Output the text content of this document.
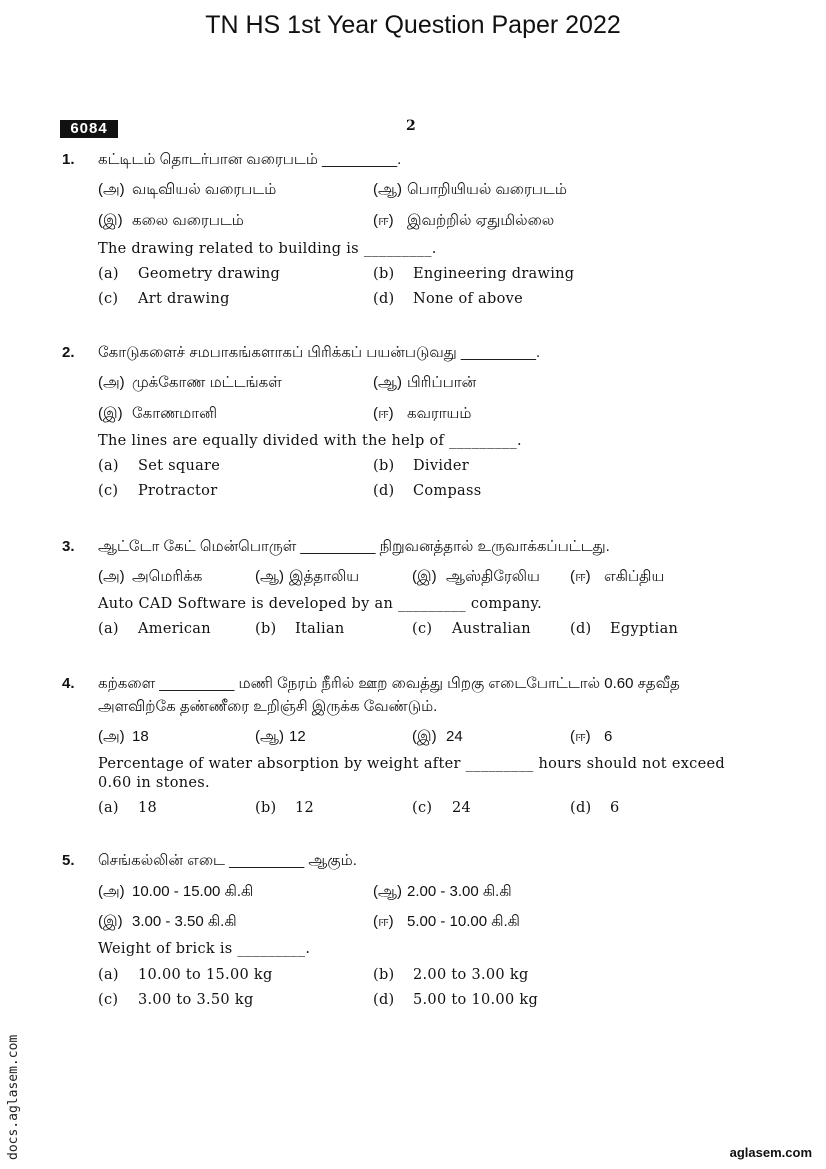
TN HS 1st Year Question Paper 2022
6084	2
1. கட்டிடம் தொடர்பான வரைபடம் _________.
The drawing related to building is _________.
(அ) வடிவியல் வரைபடம்	(ஆ) பொறியியல் வரைபடம்
(இ) கலை வரைபடம்	(ஈ) இவற்றில் ஏதுமில்லை
(a) Geometry drawing	(b) Engineering drawing
(c) Art drawing	(d) None of above
2. கோடுகளைச் சமபாகங்களாகப் பிரிக்கப் பயன்படுவது _________.
The lines are equally divided with the help of _________.
(அ) முக்கோண மட்டங்கள்	(ஆ) பிரிப்பான்
(இ) கோணமானி	(ஈ) கவராயம்
(a) Set square	(b) Divider
(c) Protractor	(d) Compass
3. ஆட்டோ கேட் மென்பொருள் _________ நிறுவனத்தால் உருவாக்கப்பட்டது.
Auto CAD Software is developed by an _________ company.
(அ) அமெரிக்க	(ஆ) இத்தாலிய	(இ) ஆஸ்திரேலிய (ஈ) எகிப்திய
(a) American	(b) Italian	(c) Australian	(d) Egyptian
4. கற்களை _________ மணி நேரம் நீரில் ஊற வைத்து பிறகு எடைபோட்டால் 0.60 சதவீத
அளவிற்கே தண்ணீரை உறிஞ்சி இருக்க வேண்டும்.
Percentage of water absorption by weight after _________ hours should not exceed
0.60 in stones.
(அ) 18	(ஆ) 12	(இ) 24	(ஈ) 6
(a) 18	(b) 12	(c) 24	(d) 6
5. செங்கல்லின் எடை _________ ஆகும்.
Weight of brick is _________.
(அ) 10.00 - 15.00 கி.கி	(ஆ) 2.00 - 3.00 கி.கி
(இ) 3.00 - 3.50 கி.கி	(ஈ) 5.00 - 10.00 கி.கி
(a) 10.00 to 15.00 kg	(b) 2.00 to 3.00 kg
(c) 3.00 to 3.50 kg	(d) 5.00 to 10.00 kg
docs.aglasem.com	aglasem.com
